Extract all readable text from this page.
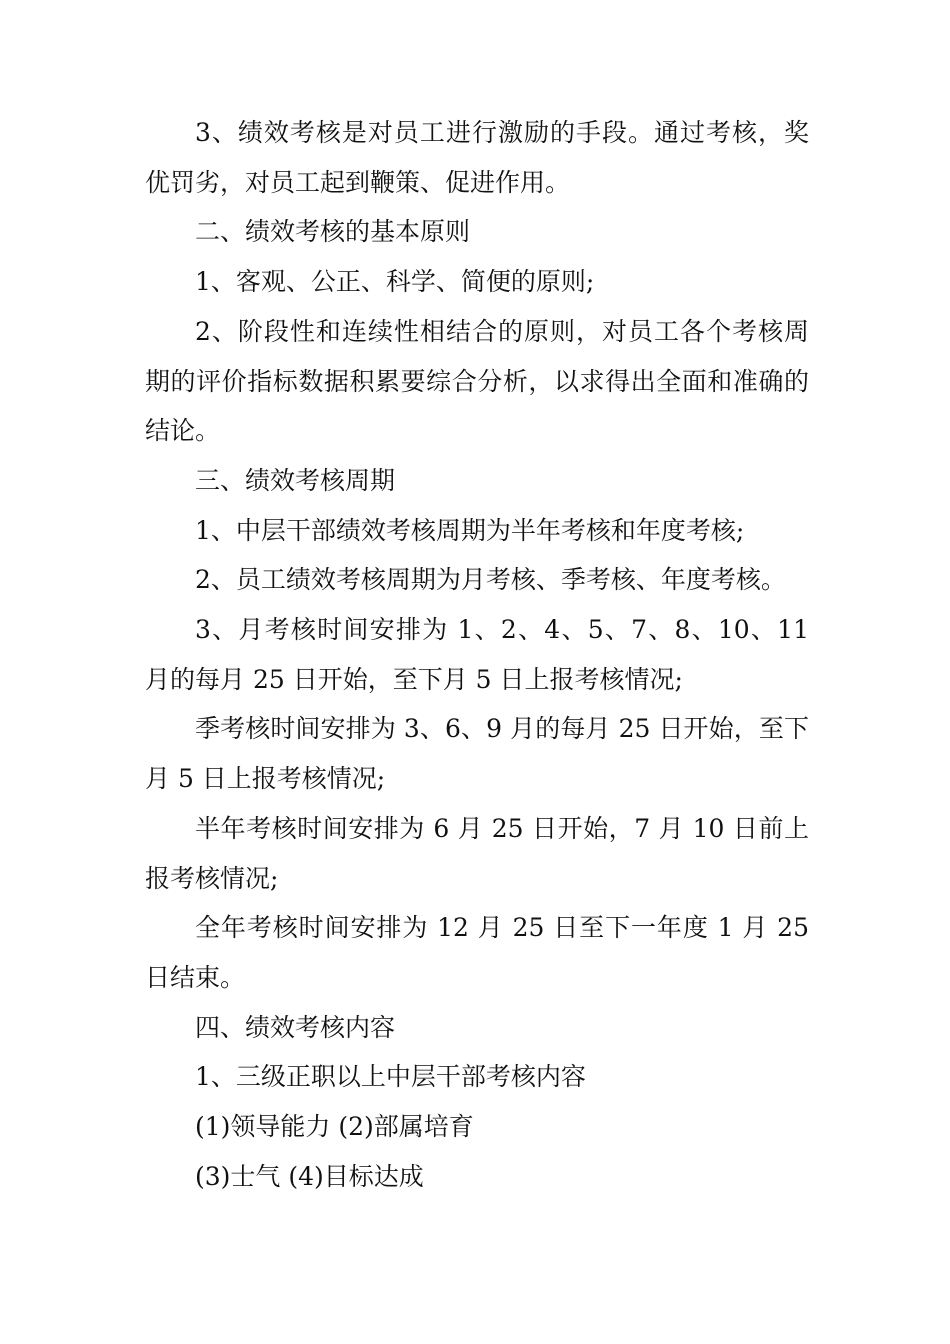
3、绩效考核是对员工进行激励的手段。通过考核，奖优罚劣，对员工起到鞭策、促进作用。

二、绩效考核的基本原则

1、客观、公正、科学、简便的原则;

2、阶段性和连续性相结合的原则，对员工各个考核周期的评价指标数据积累要综合分析，以求得出全面和准确的结论。

三、绩效考核周期

1、中层干部绩效考核周期为半年考核和年度考核;

2、员工绩效考核周期为月考核、季考核、年度考核。

3、月考核时间安排为 1、2、4、5、7、8、10、11 月的每月 25 日开始，至下月 5 日上报考核情况;

季考核时间安排为 3、6、9 月的每月 25 日开始，至下月 5 日上报考核情况;

半年考核时间安排为 6 月 25 日开始，7 月 10 日前上报考核情况;

全年考核时间安排为 12 月 25 日至下一年度 1 月 25 日结束。

四、绩效考核内容

1、三级正职以上中层干部考核内容

(1)领导能力 (2)部属培育

(3)士气 (4)目标达成
